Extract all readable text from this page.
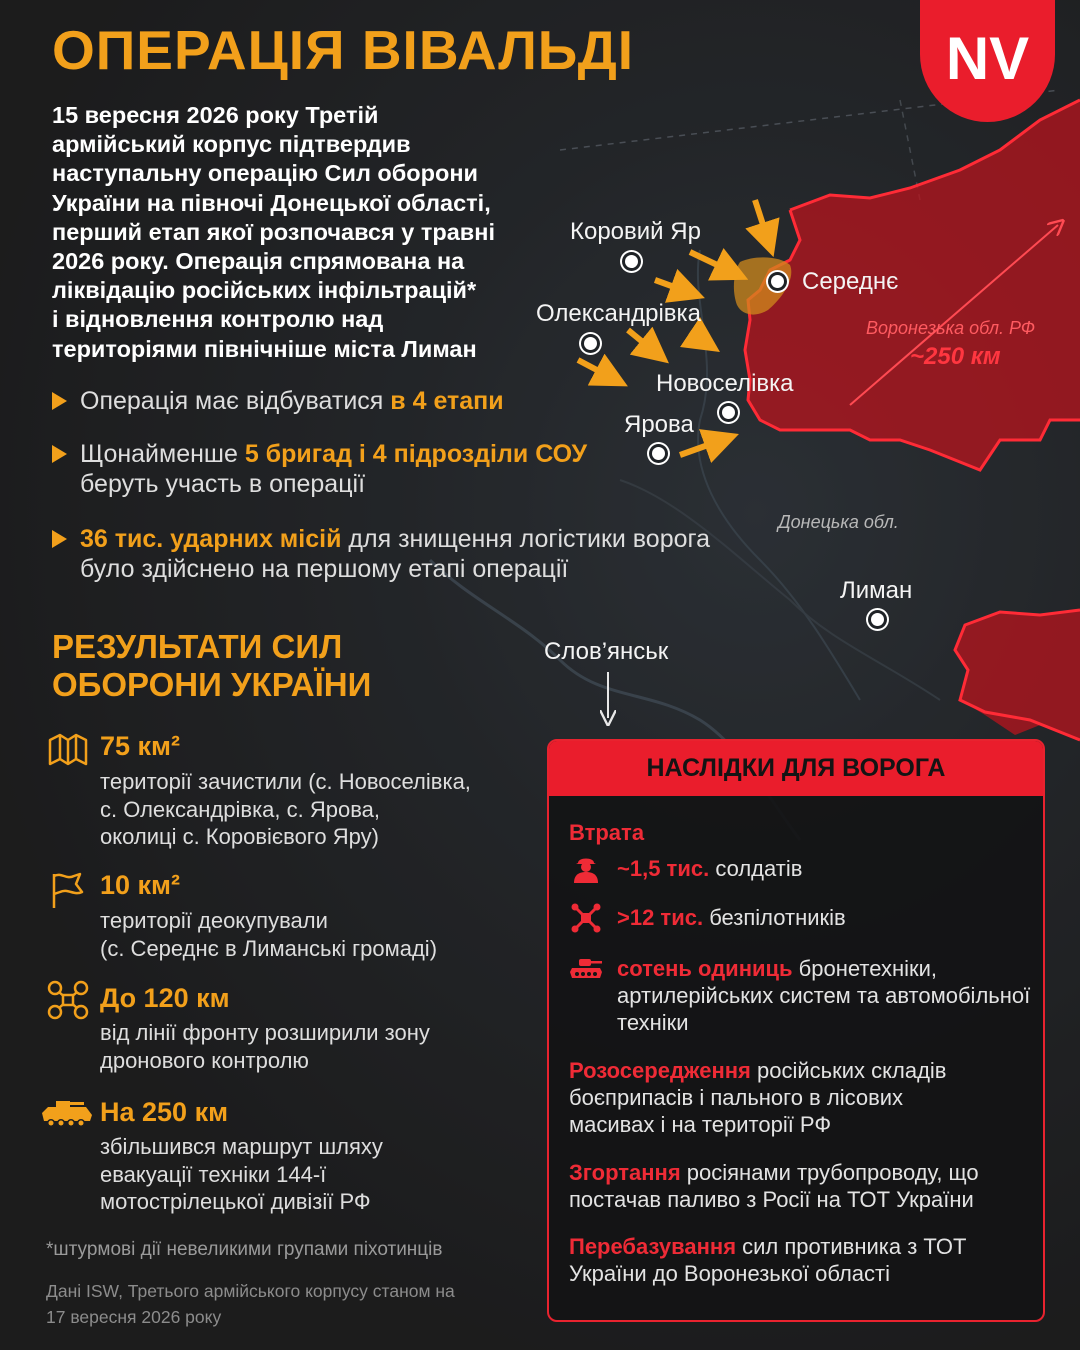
ОПЕРАЦІЯ ВІВАЛЬДІ	NV
15 вересня 2026 року Третій
армійський корпус підтвердив
наступальну операцію Сил оборони
України на півночі Донецької області,
перший етап якої розпочався у травні
2026 року. Операція спрямована на
ліквідацію російських інфільтрацій*
і відновлення контролю над
територіями північніше міста Лиман
Операція має відбуватися в 4 етапи
Щонайменше 5 бригад і 4 підрозділи СОУ
беруть участь в операції
36 тис. ударних місій для знищення логістики ворога
було здійснено на першому етапі операції
Коровий Яр
Середнє
Олександрівка
Новоселівка
Ярова
Лиман
Слов’янськ
Воронезька обл. РФ
~250 км
Донецька обл.
РЕЗУЛЬТАТИ СИЛ
ОБОРОНИ УКРАЇНИ
75 км²
території зачистили (с. Новоселівка,
с. Олександрівка, с. Ярова,
околиці с. Коровієвого Яру)
10 км²
території деокупували
(с. Середнє в Лиманські громаді)
До 120 км
від лінії фронту розширили зону
дронового контролю
На 250 км
збільшився маршрут шляху
евакуації техніки 144-ї
мотострілецької дивізії РФ
*штурмові дії невеликими групами піхотинців
Дані ISW, Третього армійського корпусу станом на
17 вересня 2026 року
НАСЛІДКИ ДЛЯ ВОРОГА
Втрата
~1,5 тис. солдатів
>12 тис. безпілотників
сотень одиниць бронетехніки,
артилерійських систем та автомобільної
техніки
Розосередження російських складів
боєприпасів і пального в лісових
масивах і на території РФ
Згортання росіянами трубопроводу, що
постачав паливо з Росії на ТОТ України
Перебазування сил противника з ТОТ
України до Воронезької області
